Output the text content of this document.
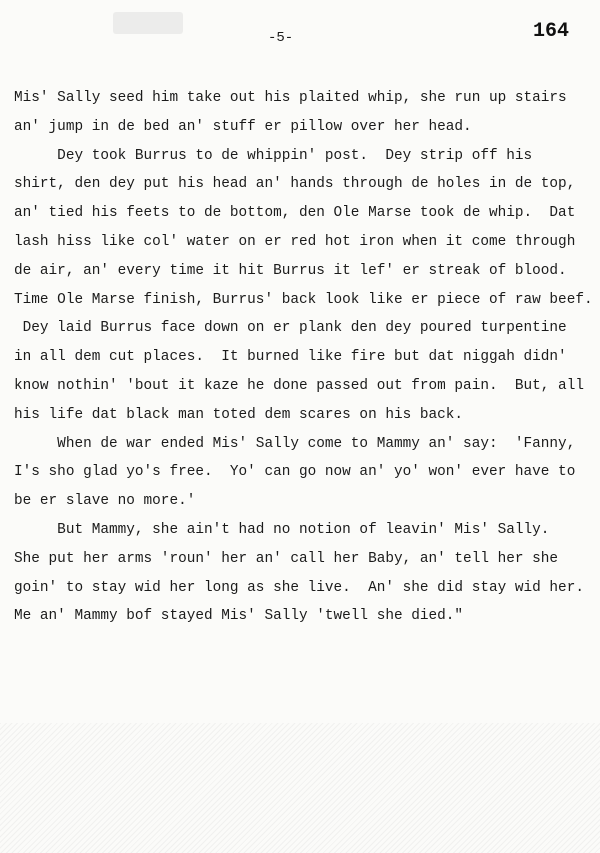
-5-	164
Mis' Sally seed him take out his plaited whip, she run up stairs
an' jump in de bed an' stuff er pillow over her head.
Dey took Burrus to de whippin' post.  Dey strip off his
shirt, den dey put his head an' hands through de holes in de top,
an' tied his feets to de bottom, den Ole Marse took de whip.  Dat
lash hiss like col' water on er red hot iron when it come through
de air, an' every time it hit Burrus it lef' er streak of blood.
Time Ole Marse finish, Burrus' back look like er piece of raw beef.
Dey laid Burrus face down on er plank den dey poured turpentine
in all dem cut places.  It burned like fire but dat niggah didn'
know nothin' 'bout it kaze he done passed out from pain.  But, all
his life dat black man toted dem scares on his back.
When de war ended Mis' Sally come to Mammy an' say:  'Fanny,
I's sho glad yo's free.  Yo' can go now an' yo' won' ever have to
be er slave no more.'
But Mammy, she ain't had no notion of leavin' Mis' Sally.
She put her arms 'roun' her an' call her Baby, an' tell her she
goin' to stay wid her long as she live.  An' she did stay wid her.
Me an' Mammy bof stayed Mis' Sally 'twell she died."
